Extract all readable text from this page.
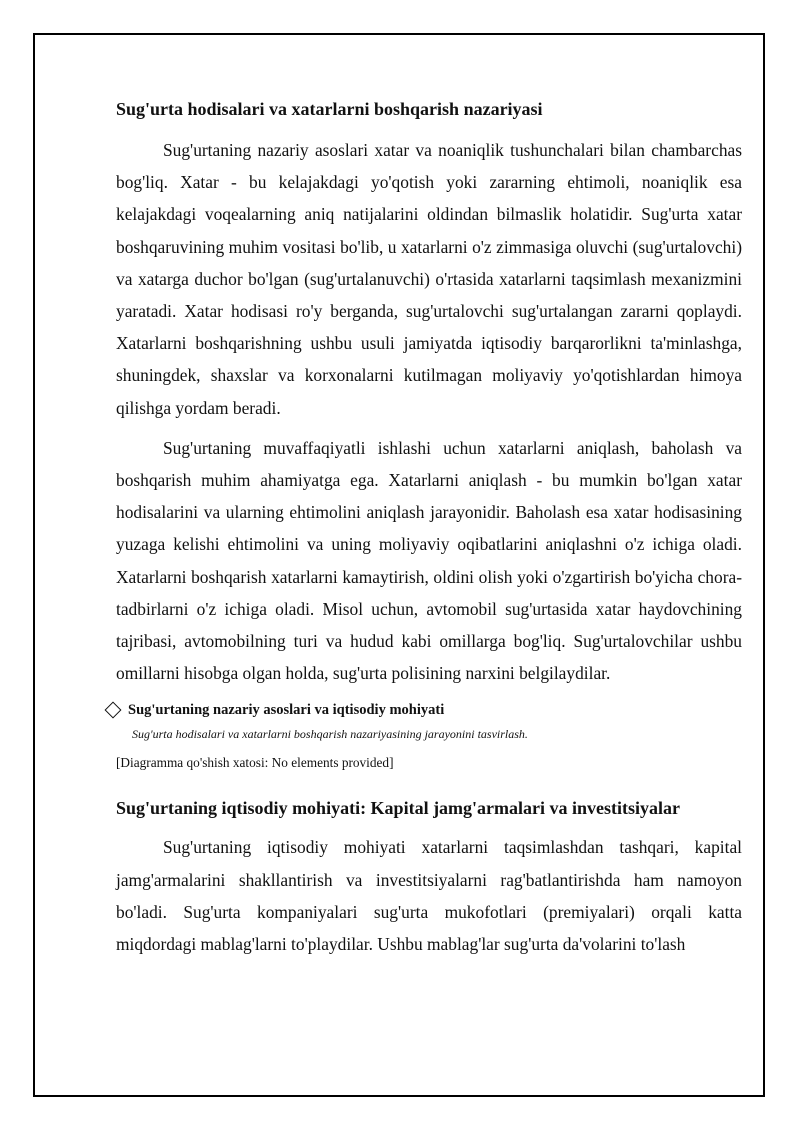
Sug'urta hodisalari va xatarlarni boshqarish nazariyasi

Sug'urtaning nazariy asoslari xatar va noaniqlik tushunchalari bilan chambarchas bog'liq. Xatar - bu kelajakdagi yo'qotish yoki zararning ehtimoli, noaniqlik esa kelajakdagi voqealarning aniq natijalarini oldindan bilmaslik holatidir. Sug'urta xatar boshqaruvining muhim vositasi bo'lib, u xatarlarni o'z zimmasiga oluvchi (sug'urtalovchi) va xatarga duchor bo'lgan (sug'urtalanuvchi) o'rtasida xatarlarni taqsimlash mexanizmini yaratadi. Xatar hodisasi ro'y berganda, sug'urtalovchi sug'urtalangan zararni qoplaydi. Xatarlarni boshqarishning ushbu usuli jamiyatda iqtisodiy barqarorlikni ta'minlashga, shuningdek, shaxslar va korxonalarni kutilmagan moliyaviy yo'qotishlardan himoya qilishga yordam beradi.

Sug'urtaning muvaffaqiyatli ishlashi uchun xatarlarni aniqlash, baholash va boshqarish muhim ahamiyatga ega. Xatarlarni aniqlash - bu mumkin bo'lgan xatar hodisalarini va ularning ehtimolini aniqlash jarayonidir. Baholash esa xatar hodisasining yuzaga kelishi ehtimolini va uning moliyaviy oqibatlarini aniqlashni o'z ichiga oladi. Xatarlarni boshqarish xatarlarni kamaytirish, oldini olish yoki o'zgartirish bo'yicha chora-tadbirlarni o'z ichiga oladi. Misol uchun, avtomobil sug'urtasida xatar haydovchining tajribasi, avtomobilning turi va hudud kabi omillarga bog'liq. Sug'urtalovchilar ushbu omillarni hisobga olgan holda, sug'urta polisining narxini belgilaydilar.

Sug'urtaning nazariy asoslari va iqtisodiy mohiyati
Sug'urta hodisalari va xatarlarni boshqarish nazariyasining jarayonini tasvirlash.
[Diagramma qo'shish xatosi: No elements provided]
Sug'urtaning iqtisodiy mohiyati: Kapital jamg'armalari va investitsiyalar

Sug'urtaning iqtisodiy mohiyati xatarlarni taqsimlashdan tashqari, kapital jamg'armalarini shakllantirish va investitsiyalarni rag'batlantirishda ham namoyon bo'ladi. Sug'urta kompaniyalari sug'urta mukofotlari (premiyalari) orqali katta miqdordagi mablag'larni to'playdilar. Ushbu mablag'lar sug'urta da'volarini to'lash
